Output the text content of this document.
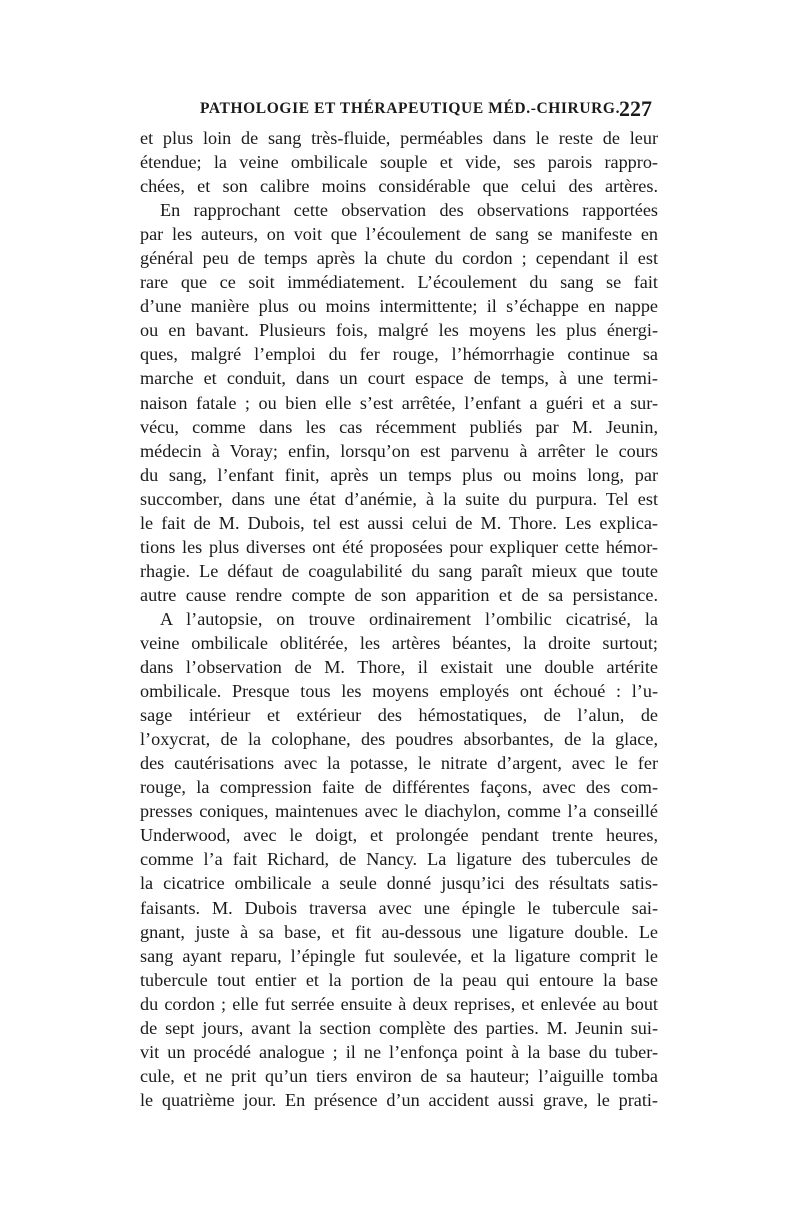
PATHOLOGIE ET THÉRAPEUTIQUE MÉD.-CHIRURG.
227
et plus loin de sang très-fluide, perméables dans le reste de leur
étendue; la veine ombilicale souple et vide, ses parois rappro-
chées, et son calibre moins considérable que celui des artères.
En rapprochant cette observation des observations rapportées
par les auteurs, on voit que l’écoulement de sang se manifeste en
général peu de temps après la chute du cordon ; cependant il est
rare que ce soit immédiatement. L’écoulement du sang se fait
d’une manière plus ou moins intermittente; il s’échappe en nappe
ou en bavant. Plusieurs fois, malgré les moyens les plus énergi-
ques, malgré l’emploi du fer rouge, l’hémorrhagie continue sa
marche et conduit, dans un court espace de temps, à une termi-
naison fatale ; ou bien elle s’est arrêtée, l’enfant a guéri et a sur-
vécu, comme dans les cas récemment publiés par M. Jeunin,
médecin à Voray; enfin, lorsqu’on est parvenu à arrêter le cours
du sang, l’enfant finit, après un temps plus ou moins long, par
succomber, dans une état d’anémie, à la suite du purpura. Tel est
le fait de M. Dubois, tel est aussi celui de M. Thore. Les explica-
tions les plus diverses ont été proposées pour expliquer cette hémor-
rhagie. Le défaut de coagulabilité du sang paraît mieux que toute
autre cause rendre compte de son apparition et de sa persistance.
A l’autopsie, on trouve ordinairement l’ombilic cicatrisé, la
veine ombilicale oblitérée, les artères béantes, la droite surtout;
dans l’observation de M. Thore, il existait une double artérite
ombilicale. Presque tous les moyens employés ont échoué : l’u-
sage intérieur et extérieur des hémostatiques, de l’alun, de
l’oxycrat, de la colophane, des poudres absorbantes, de la glace,
des cautérisations avec la potasse, le nitrate d’argent, avec le fer
rouge, la compression faite de différentes façons, avec des com-
presses coniques, maintenues avec le diachylon, comme l’a conseillé
Underwood, avec le doigt, et prolongée pendant trente heures,
comme l’a fait Richard, de Nancy. La ligature des tubercules de
la cicatrice ombilicale a seule donné jusqu’ici des résultats satis-
faisants. M. Dubois traversa avec une épingle le tubercule sai-
gnant, juste à sa base, et fit au-dessous une ligature double. Le
sang ayant reparu, l’épingle fut soulevée, et la ligature comprit le
tubercule tout entier et la portion de la peau qui entoure la base
du cordon ; elle fut serrée ensuite à deux reprises, et enlevée au bout
de sept jours, avant la section complète des parties. M. Jeunin sui-
vit un procédé analogue ; il ne l’enfonça point à la base du tuber-
cule, et ne prit qu’un tiers environ de sa hauteur; l’aiguille tomba
le quatrième jour. En présence d’un accident aussi grave, le prati-
